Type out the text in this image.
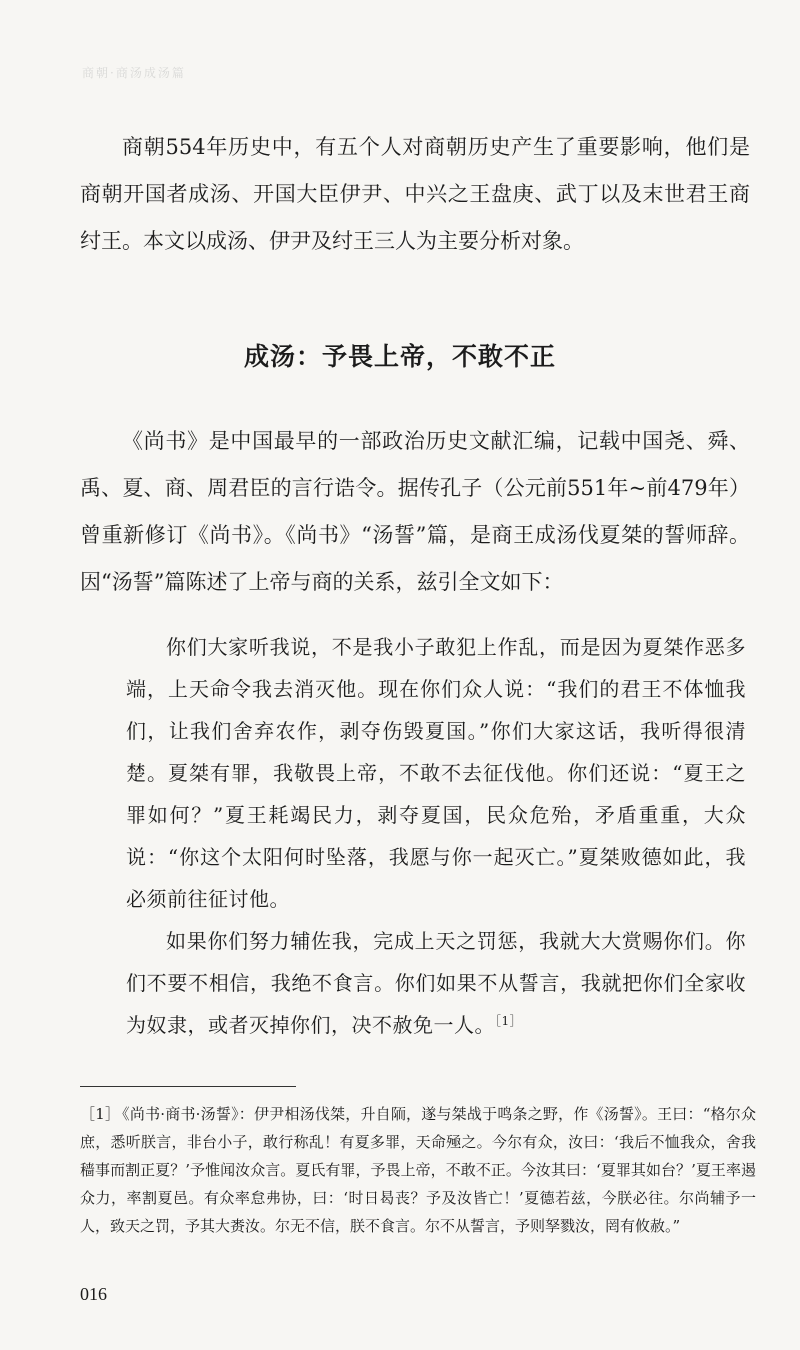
商朝·商汤成汤篇

商朝554年历史中，有五个人对商朝历史产生了重要影响，他们是商朝开国者成汤、开国大臣伊尹、中兴之王盘庚、武丁以及末世君王商纣王。本文以成汤、伊尹及纣王三人为主要分析对象。

成汤：予畏上帝，不敢不正

《尚书》是中国最早的一部政治历史文献汇编，记载中国尧、舜、禹、夏、商、周君臣的言行诰令。据传孔子（公元前551年~前479年）曾重新修订《尚书》。《尚书》“汤誓”篇，是商王成汤伐夏桀的誓师辞。因“汤誓”篇陈述了上帝与商的关系，兹引全文如下：

你们大家听我说，不是我小子敢犯上作乱，而是因为夏桀作恶多端，上天命令我去消灭他。现在你们众人说：“我们的君王不体恤我们，让我们舍弃农作，剥夺伤毁夏国。”你们大家这话，我听得很清楚。夏桀有罪，我敬畏上帝，不敢不去征伐他。你们还说：“夏王之罪如何？”夏王耗竭民力，剥夺夏国，民众危殆，矛盾重重，大众说：“你这个太阳何时坠落，我愿与你一起灭亡。”夏桀败德如此，我必须前往征讨他。

如果你们努力辅佐我，完成上天之罚惩，我就大大赏赐你们。你们不要不相信，我绝不食言。你们如果不从誓言，我就把你们全家收为奴隶，或者灭掉你们，决不赦免一人。$^{[1]}$

［1］ 《尚书·商书·汤誓》：伊尹相汤伐桀，升自陑，遂与桀战于鸣条之野，作《汤誓》。王曰：“格尔众庶，悉听朕言，非台小子，敢行称乱！有夏多罪，天命殛之。今尔有众，汝曰：‘我后不恤我众，舍我穑事而割正夏？’予惟闻汝众言。夏氏有罪，予畏上帝，不敢不正。今汝其曰：‘夏罪其如台？’夏王率遏众力，率割夏邑。有众率怠弗协，曰：‘时日曷丧？予及汝皆亡！’夏德若兹，今朕必往。尔尚辅予一人，致天之罚，予其大赉汝。尔无不信，朕不食言。尔不从誓言，予则孥戮汝，罔有攸赦。”

016
